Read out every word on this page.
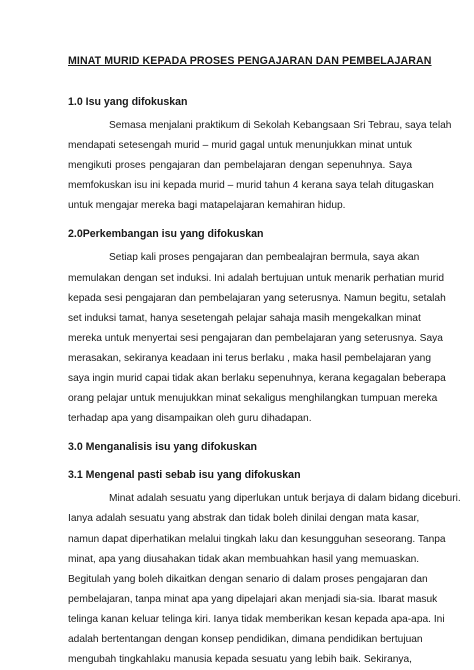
MINAT MURID KEPADA PROSES PENGAJARAN DAN PEMBELAJARAN
1.0 Isu yang difokuskan
Semasa menjalani praktikum di Sekolah Kebangsaan Sri Tebrau, saya telah
mendapati setesengah murid – murid gagal untuk menunjukkan minat untuk
mengikuti proses pengajaran dan pembelajaran dengan sepenuhnya. Saya
memfokuskan isu ini kepada murid – murid tahun 4 kerana saya telah ditugaskan
untuk mengajar mereka bagi matapelajaran kemahiran hidup.
2.0Perkembangan isu yang difokuskan
Setiap kali proses pengajaran dan pembealajran bermula, saya akan
memulakan dengan set induksi. Ini adalah bertujuan untuk menarik perhatian murid
kepada sesi pengajaran dan pembelajaran yang seterusnya. Namun begitu, setalah
set induksi tamat, hanya sesetengah pelajar sahaja masih mengekalkan minat
mereka untuk menyertai sesi pengajaran dan pembelajaran yang seterusnya. Saya
merasakan, sekiranya keadaan ini terus berlaku , maka hasil pembelajaran yang
saya ingin murid capai tidak akan berlaku sepenuhnya, kerana kegagalan beberapa
orang pelajar untuk menujukkan minat sekaligus menghilangkan tumpuan mereka
terhadap apa yang disampaikan oleh guru dihadapan.
3.0 Menganalisis isu yang difokuskan
3.1 Mengenal pasti sebab isu yang difokuskan
Minat adalah sesuatu yang diperlukan untuk berjaya di dalam bidang diceburi.
Ianya adalah sesuatu yang abstrak dan tidak boleh dinilai dengan mata kasar,
namun dapat diperhatikan melalui tingkah laku dan kesungguhan seseorang. Tanpa
minat, apa yang diusahakan tidak akan membuahkan hasil yang memuaskan.
Begitulah yang boleh dikaitkan dengan senario di dalam proses pengajaran dan
pembelajaran, tanpa minat apa yang dipelajari akan menjadi sia-sia. Ibarat masuk
telinga kanan keluar telinga kiri. Ianya tidak memberikan kesan kepada apa-apa. Ini
adalah bertentangan dengan konsep pendidikan, dimana pendidikan bertujuan
mengubah tingkahlaku manusia kepada sesuatu yang lebih baik. Sekiranya,
